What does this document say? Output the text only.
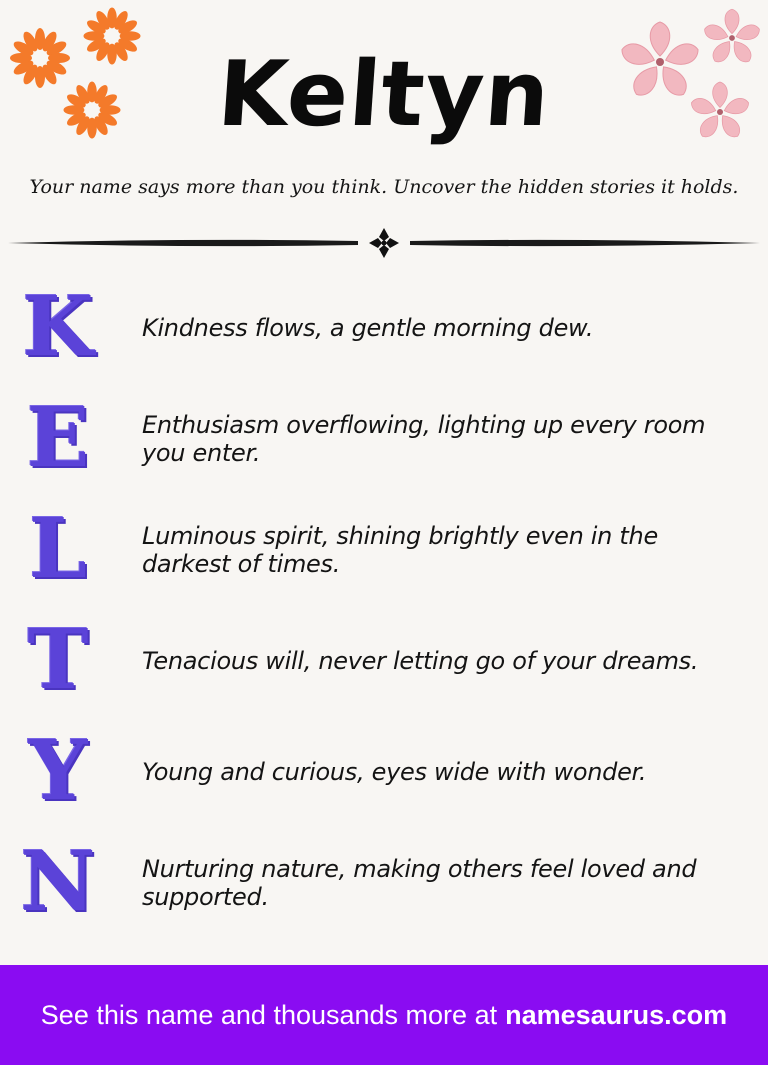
Keltyn
Your name says more than you think. Uncover the hidden stories it holds.
K	Kindness flows, a gentle morning dew.
E	Enthusiasm overflowing, lighting up every room you enter.
L	Luminous spirit, shining brightly even in the darkest of times.
T	Tenacious will, never letting go of your dreams.
Y	Young and curious, eyes wide with wonder.
N	Nurturing nature, making others feel loved and supported.
See this name and thousands more at namesaurus.com
